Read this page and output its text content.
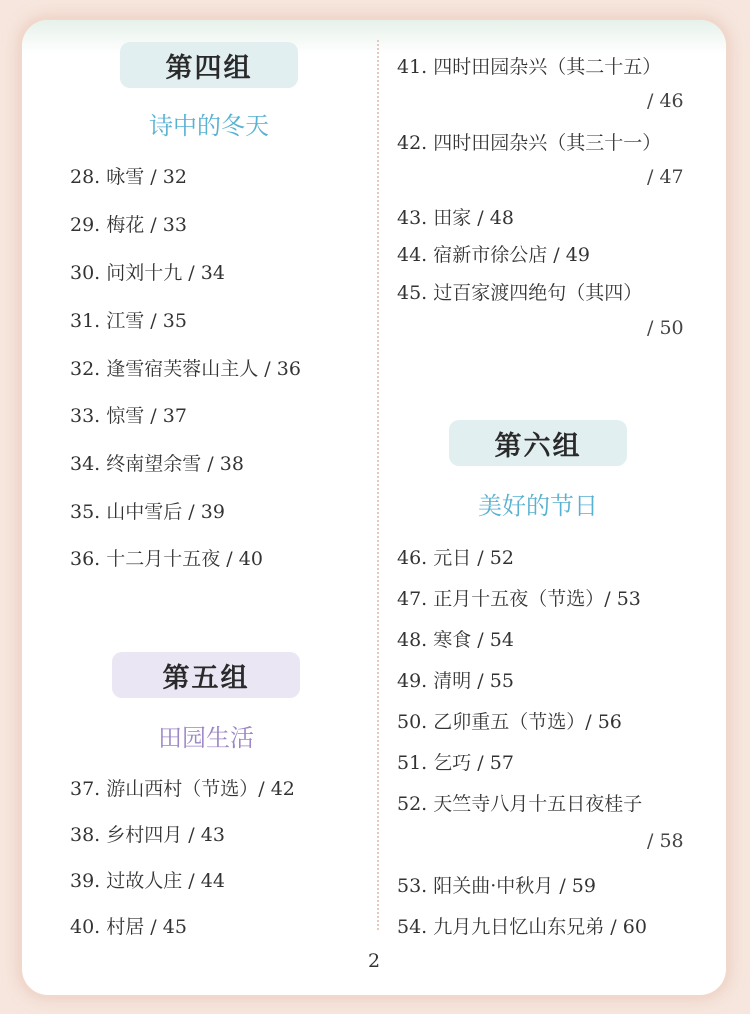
第四组
诗中的冬天
28. 咏雪 / 32
29. 梅花 / 33
30. 问刘十九 / 34
31. 江雪 / 35
32. 逢雪宿芙蓉山主人 / 36
33. 惊雪 / 37
34. 终南望余雪 / 38
35. 山中雪后 / 39
36. 十二月十五夜 / 40
第五组
田园生活
37. 游山西村（节选）/ 42
38. 乡村四月 / 43
39. 过故人庄 / 44
40. 村居 / 45
41. 四时田园杂兴（其二十五）
/ 46
42. 四时田园杂兴（其三十一）
/ 47
43. 田家 / 48
44. 宿新市徐公店 / 49
45. 过百家渡四绝句（其四）
/ 50
第六组
美好的节日
46. 元日 / 52
47. 正月十五夜（节选）/ 53
48. 寒食 / 54
49. 清明 / 55
50. 乙卯重五（节选）/ 56
51. 乞巧 / 57
52. 天竺寺八月十五日夜桂子
/ 58
53. 阳关曲·中秋月 / 59
54. 九月九日忆山东兄弟 / 60
2
